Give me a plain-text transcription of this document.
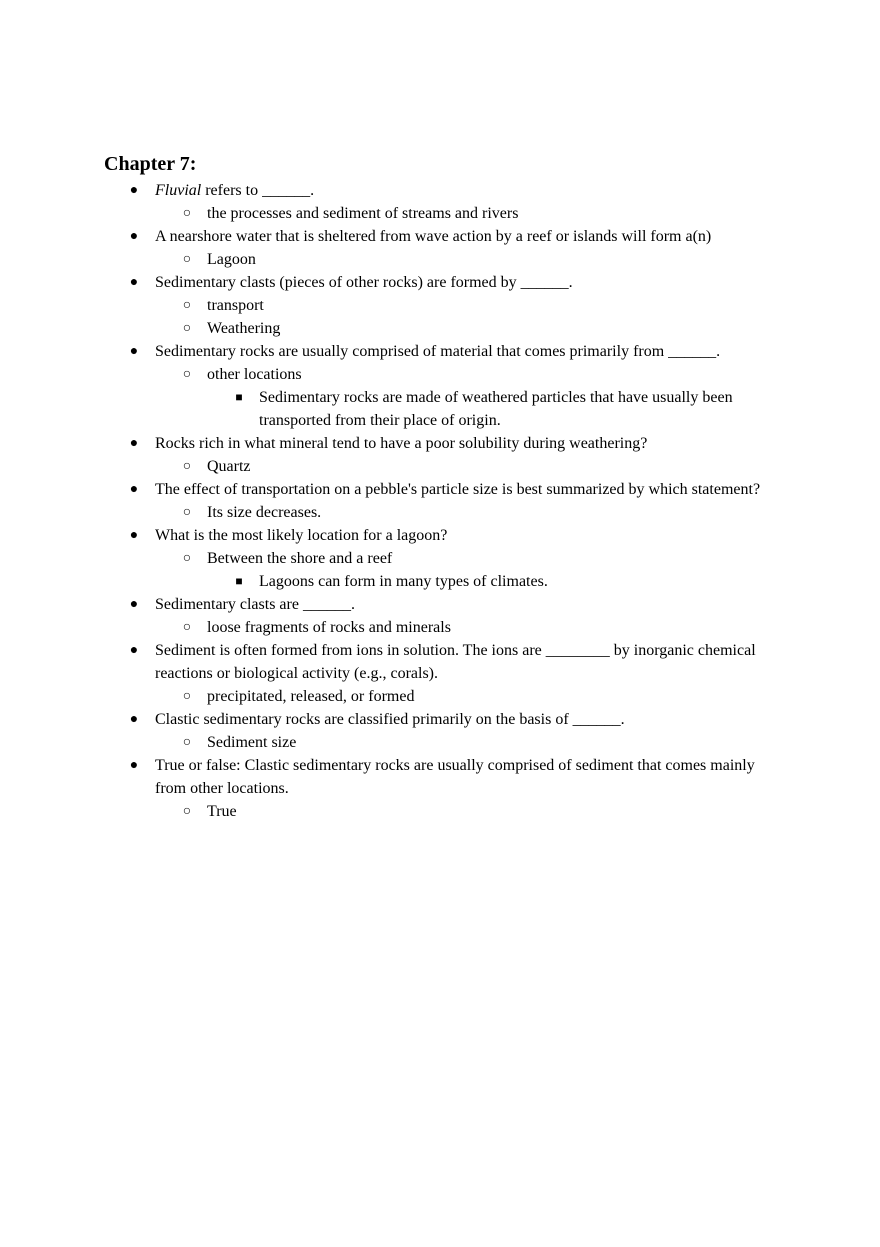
Chapter 7:
● Fluvial refers to ______.
○ the processes and sediment of streams and rivers
● A nearshore water that is sheltered from wave action by a reef or islands will form a(n)
○ Lagoon
● Sedimentary clasts (pieces of other rocks) are formed by ______.
○ transport
○ Weathering
● Sedimentary rocks are usually comprised of material that comes primarily from ______.
○ other locations
■ Sedimentary rocks are made of weathered particles that have usually been transported from their place of origin.
● Rocks rich in what mineral tend to have a poor solubility during weathering?
○ Quartz
● The effect of transportation on a pebble's particle size is best summarized by which statement?
○ Its size decreases.
● What is the most likely location for a lagoon?
○ Between the shore and a reef
■ Lagoons can form in many types of climates.
● Sedimentary clasts are ______.
○ loose fragments of rocks and minerals
● Sediment is often formed from ions in solution. The ions are ________ by inorganic chemical reactions or biological activity (e.g., corals).
○ precipitated, released, or formed
● Clastic sedimentary rocks are classified primarily on the basis of ______.
○ Sediment size
● True or false: Clastic sedimentary rocks are usually comprised of sediment that comes mainly from other locations.
○ True
